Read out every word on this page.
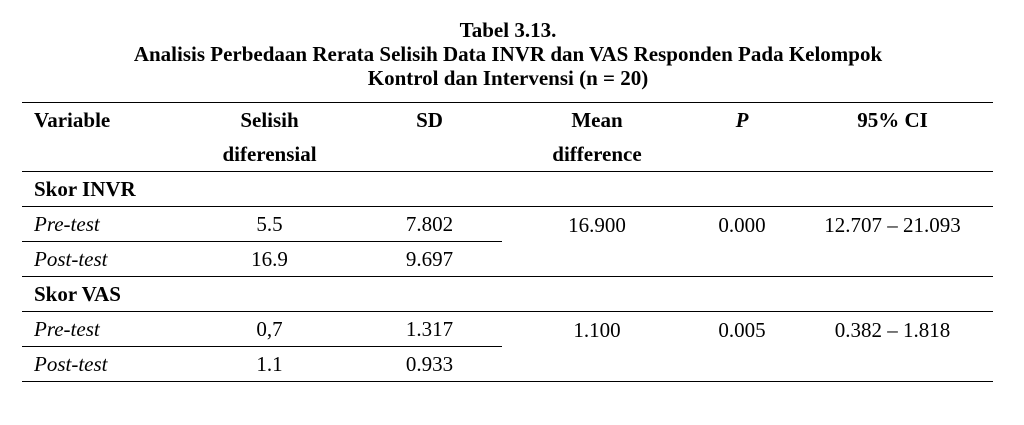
Tabel 3.13.
Analisis Perbedaan Rerata Selisih Data INVR dan VAS Responden Pada Kelompok
Kontrol dan Intervensi (n = 20)
Variable	Selisih	SD	Mean	P	95% CI
	diferensial		difference		
Skor INVR					
Pre-test	5.5	7.802	16.900	0.000	12.707 – 21.093
Post-test	16.9	9.697			
Skor VAS					
Pre-test	0,7	1.317	1.100	0.005	0.382 – 1.818
Post-test	1.1	0.933			
